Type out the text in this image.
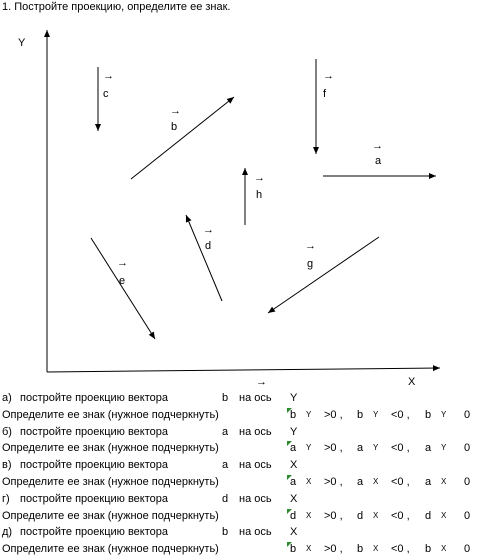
1. Постройте проекцию, определите ее знак.
Y
X
→
c
→
b
→
f
→
a
→
h
→
d	→
g
→
e
→
а) постройте проекцию вектора	b на ось Y
Определите ее знак (нужное подчеркнуть)	b Y >0 , b Y <0 , b Y 0
б) постройте проекцию вектора	a на ось Y
Определите ее знак (нужное подчеркнуть)	a Y >0 , a Y <0 , a Y 0
в) постройте проекцию вектора	a на ось X
Определите ее знак (нужное подчеркнуть)	a X >0 , a X <0 , a X 0
г) постройте проекцию вектора	d на ось X
Определите ее знак (нужное подчеркнуть)	d X >0 , d X <0 , d X 0
д) постройте проекцию вектора	b на ось X
Определите ее знак (нужное подчеркнуть)	b X >0 , b X <0 , b X 0
